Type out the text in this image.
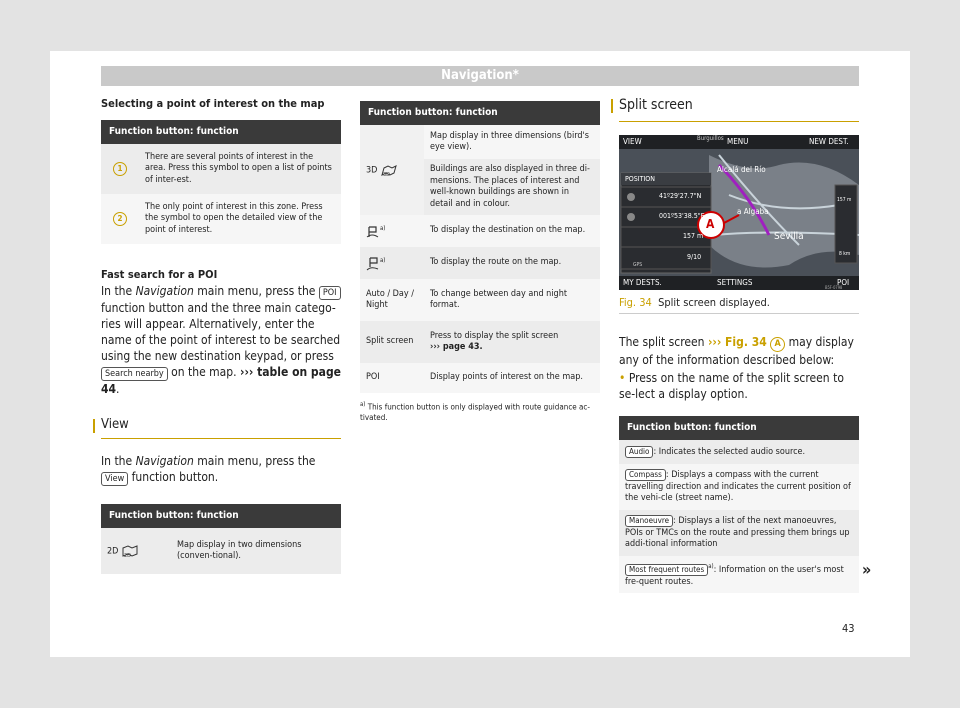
Navigation*
Selecting a point of interest on the map
Function button: function	
1	There are several points of interest in the area. Press this symbol to open a list of points of inter-est.
2	The only point of interest in this zone. Press the symbol to open the detailed view of the point of interest.
Fast search for a POI

In the Navigation main menu, press the POI function button and the three main catego-ries will appear. Alternatively, enter the name of the point of interest to be searched using the new destination keypad, or press Search nearby on the map. ››› table on page 44.

View

In the Navigation main menu, press the View function button.

Function button: function
2D 2D
	Map display in two dimensions (conven-tional).
Function button: function	
3D 3D	Map display in three dimensions (bird's eye view).
	Buildings are also displayed in three di-mensions. The places of interest and well-known buildings are shown in detail and in colour.
$^{a)}$	To display the destination on the map.
$^{a)}$	To display the route on the map.
Auto / Day / Night	To change between day and night format.
Split screen	Press to display the split screen
››› page 43.
POI	Display points of interest on the map.
$^{a)}$ This function button is only displayed with route guidance ac-tivated.

Split screen

VIEW	MENU
Burguillos	NEW DEST.
Alcalá del Río
a Algaba
Sevilla
POSITION
41º29'27.7"N
001º53'38.5"E
157 m
9/10
GPS
157 m
8 km
A
MY DESTS.	SETTINGS	POI
B5F-0798
Fig. 34 Split screen displayed.

The split screen ››› Fig. 34 A may display any of the information described below:

• Press on the name of the split screen to se-lect a display option.

Function button: function
Audio : Indicates the selected audio source.
Compass : Displays a compass with the current travelling direction and indicates the current position of the vehi-cle (street name).
Manoeuvre : Displays a list of the next manoeuvres, POIs or TMCs on the route and pressing them brings up addi-tional information
Most frequent routes $^{a)}$: Information on the user's most fre-quent routes.
»
43
